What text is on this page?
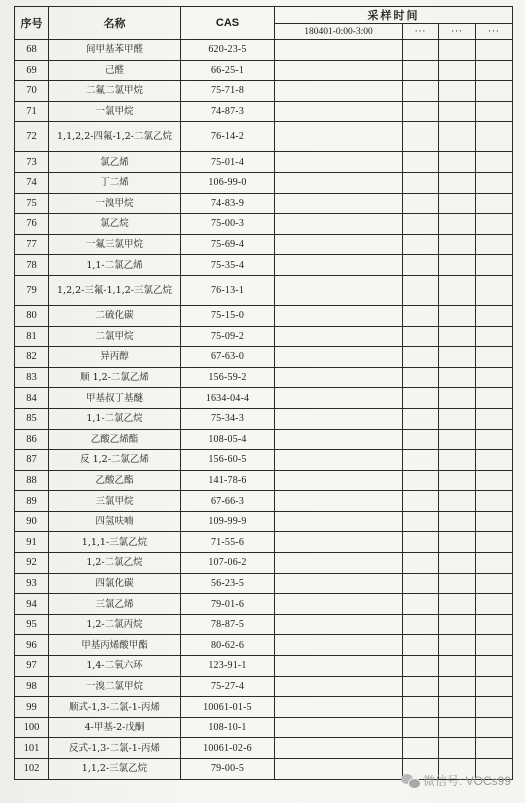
序号	名称	CAS	采样时间			
			180401-0:00-3:00	···	···	···
68	间甲基苯甲醛	620-23-5				
69	己醛	66-25-1				
70	二氟二氯甲烷	75-71-8				
71	一氯甲烷	74-87-3				
72	1,1,2,2-四氟-1,2-二氯乙烷	76-14-2				
73	氯乙烯	75-01-4				
74	丁二烯	106-99-0				
75	一溴甲烷	74-83-9				
76	氯乙烷	75-00-3				
77	一氟三氯甲烷	75-69-4				
78	1,1-二氯乙烯	75-35-4				
79	1,2,2-三氟-1,1,2-三氯乙烷	76-13-1				
80	二硫化碳	75-15-0				
81	二氯甲烷	75-09-2				
82	异丙醇	67-63-0				
83	顺 1,2-二氯乙烯	156-59-2				
84	甲基叔丁基醚	1634-04-4				
85	1,1-二氯乙烷	75-34-3				
86	乙酸乙烯酯	108-05-4				
87	反 1,2-二氯乙烯	156-60-5				
88	乙酸乙酯	141-78-6				
89	三氯甲烷	67-66-3				
90	四氢呋喃	109-99-9				
91	1,1,1-三氯乙烷	71-55-6				
92	1,2-二氯乙烷	107-06-2				
93	四氯化碳	56-23-5				
94	三氯乙烯	79-01-6				
95	1,2-二氯丙烷	78-87-5				
96	甲基丙烯酸甲酯	80-62-6				
97	1,4-二氧六环	123-91-1				
98	一溴二氯甲烷	75-27-4				
99	顺式-1,3-二氯-1-丙烯	10061-01-5				
100	4-甲基-2-戊酮	108-10-1				
101	反式-1,3-二氯-1-丙烯	10061-02-6				
102	1,1,2-三氯乙烷	79-00-5				
微信号: VOCs99
